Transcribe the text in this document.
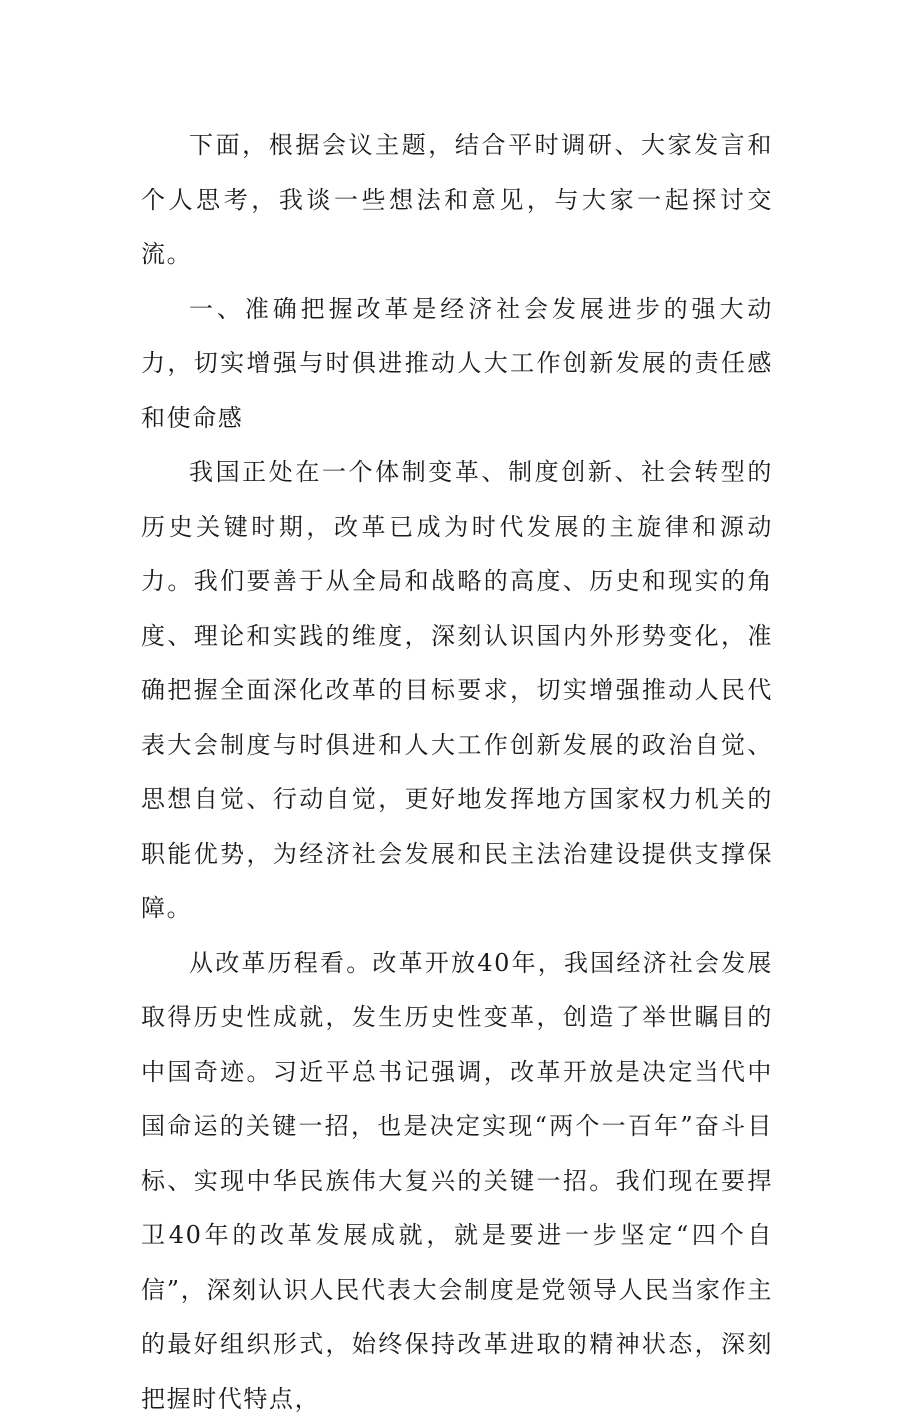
下面，根据会议主题，结合平时调研、大家发言和个人思考，我谈一些想法和意见，与大家一起探讨交流。

一、准确把握改革是经济社会发展进步的强大动力，切实增强与时俱进推动人大工作创新发展的责任感和使命感

我国正处在一个体制变革、制度创新、社会转型的历史关键时期，改革已成为时代发展的主旋律和源动力。我们要善于从全局和战略的高度、历史和现实的角度、理论和实践的维度，深刻认识国内外形势变化，准确把握全面深化改革的目标要求，切实增强推动人民代表大会制度与时俱进和人大工作创新发展的政治自觉、思想自觉、行动自觉，更好地发挥地方国家权力机关的职能优势，为经济社会发展和民主法治建设提供支撑保障。

从改革历程看。改革开放40年，我国经济社会发展取得历史性成就，发生历史性变革，创造了举世瞩目的中国奇迹。习近平总书记强调，改革开放是决定当代中国命运的关键一招，也是决定实现“两个一百年”奋斗目标、实现中华民族伟大复兴的关键一招。我们现在要捍卫40年的改革发展成就，就是要进一步坚定“四个自信”，深刻认识人民代表大会制度是党领导人民当家作主的最好组织形式，始终保持改革进取的精神状态，深刻把握时代特点，
